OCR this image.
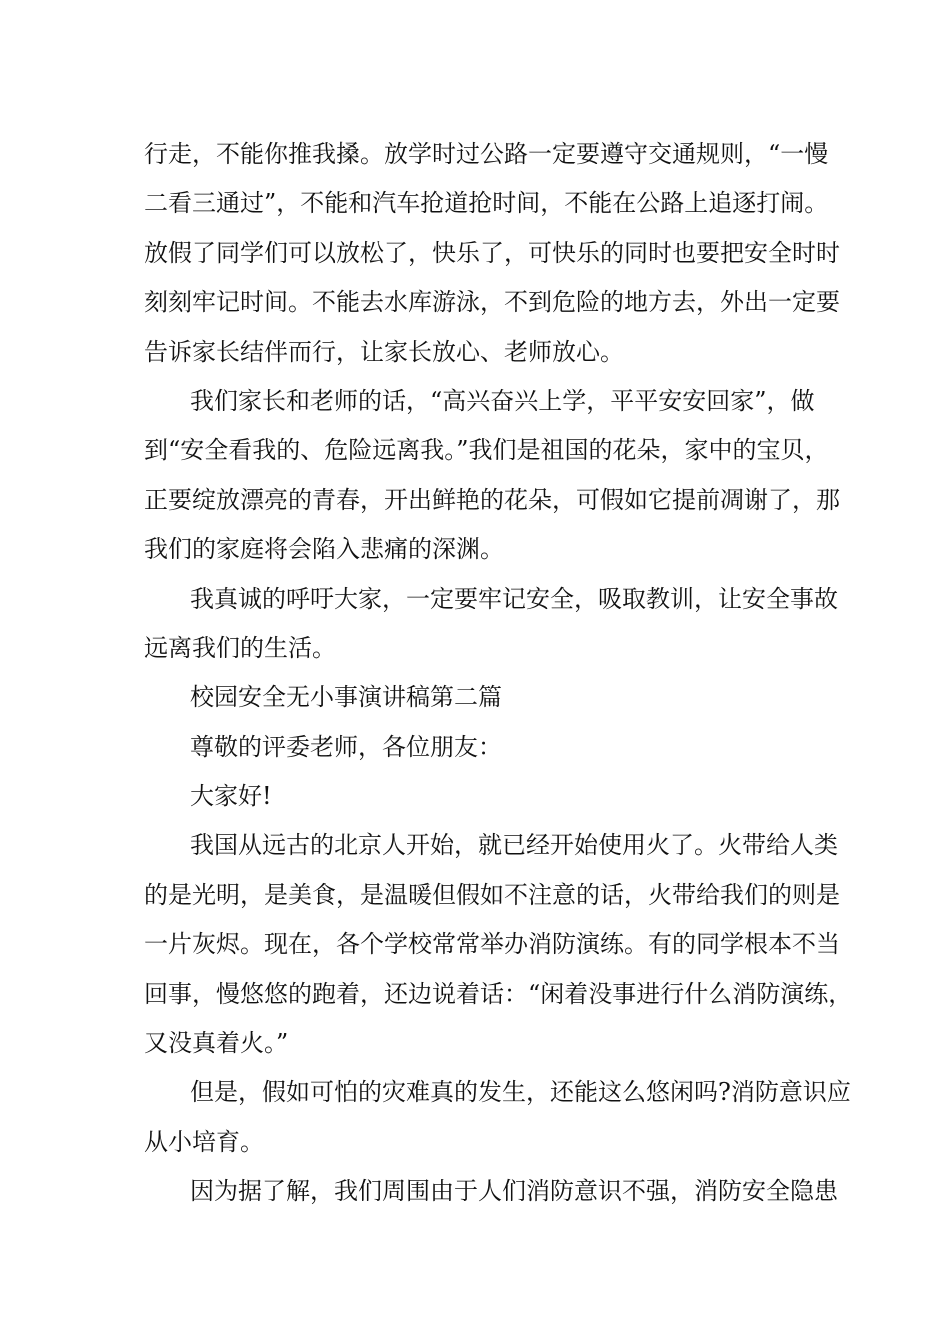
行走，不能你推我搡。放学时过公路一定要遵守交通规则，“一慢
二看三通过”，不能和汽车抢道抢时间，不能在公路上追逐打闹。
放假了同学们可以放松了，快乐了，可快乐的同时也要把安全时时
刻刻牢记时间。不能去水库游泳，不到危险的地方去，外出一定要
告诉家长结伴而行，让家长放心、老师放心。
我们家长和老师的话，“高兴奋兴上学，平平安安回家”，做
到“安全看我的、危险远离我。”我们是祖国的花朵，家中的宝贝，
正要绽放漂亮的青春，开出鲜艳的花朵，可假如它提前凋谢了，那
我们的家庭将会陷入悲痛的深渊。
我真诚的呼吁大家，一定要牢记安全，吸取教训，让安全事故
远离我们的生活。
校园安全无小事演讲稿第二篇
尊敬的评委老师，各位朋友：
大家好!
我国从远古的北京人开始，就已经开始使用火了。火带给人类
的是光明，是美食，是温暖但假如不注意的话，火带给我们的则是
一片灰烬。现在，各个学校常常举办消防演练。有的同学根本不当
回事，慢悠悠的跑着，还边说着话：“闲着没事进行什么消防演练，
又没真着火。”
但是，假如可怕的灾难真的发生，还能这么悠闲吗?消防意识应
从小培育。
因为据了解，我们周围由于人们消防意识不强，消防安全隐患
